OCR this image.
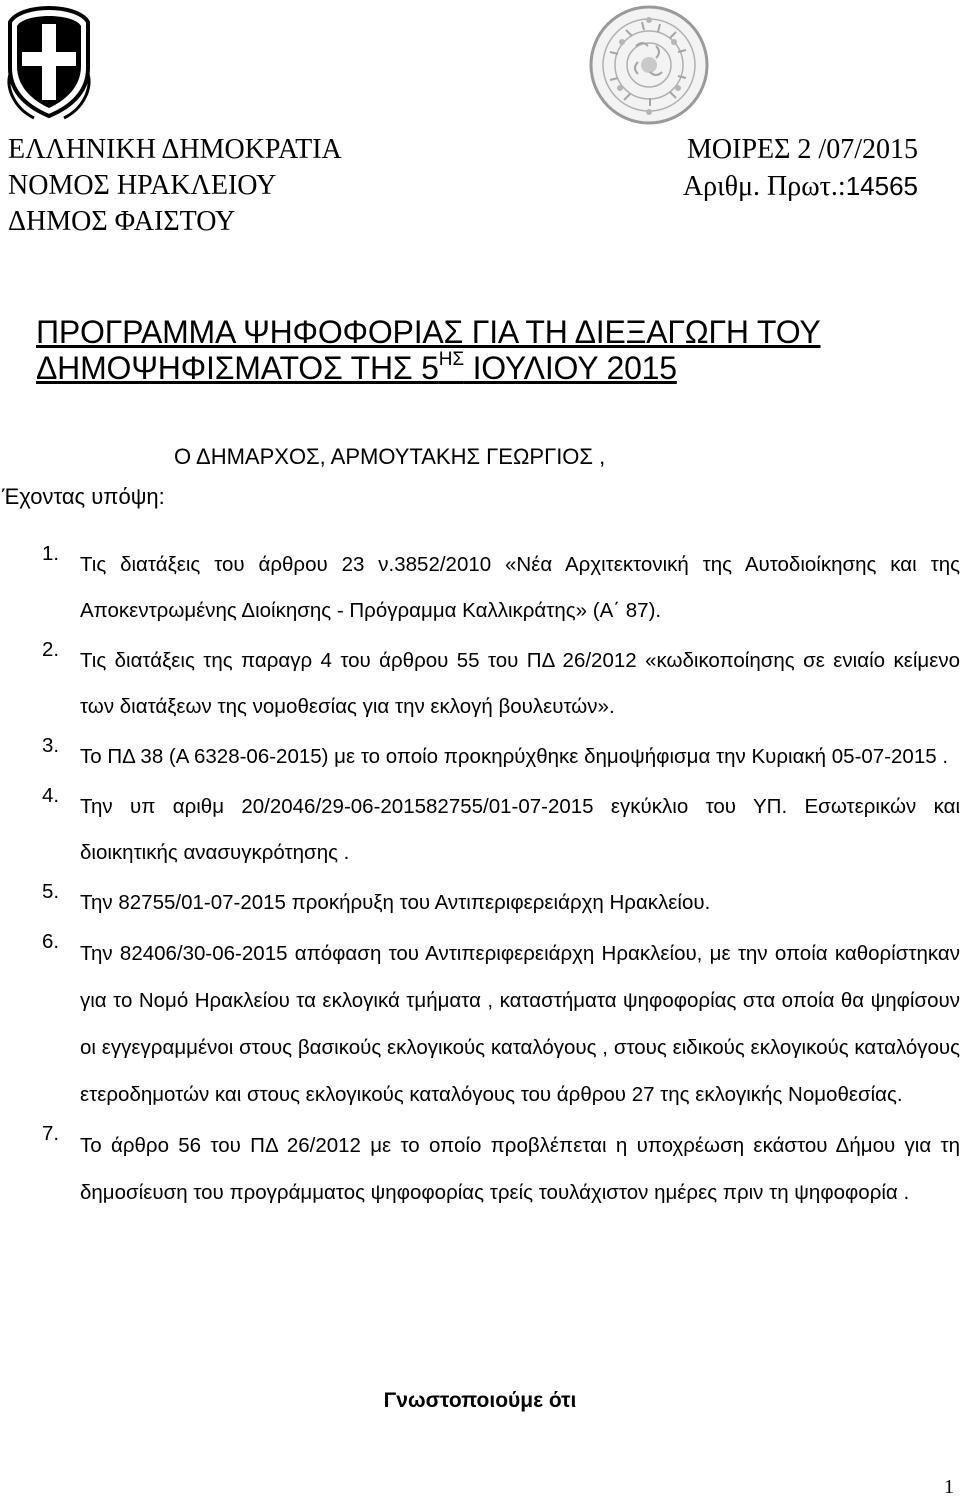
ΕΛΛΗΝΙΚΗ ΔΗΜΟΚΡΑΤΙΑ
ΝΟΜΟΣ ΗΡΑΚΛΕΙΟΥ
ΔΗΜΟΣ ΦΑΙΣΤΟΥ
ΜΟΙΡΕΣ 2 /07/2015
Αριθμ. Πρωτ.:14565
ΠΡΟΓΡΑΜΜΑ ΨΗΦΟΦΟΡΙΑΣ ΓΙΑ ΤΗ ΔΙΕΞΑΓΩΓΗ ΤΟΥ
ΔΗΜΟΨΗΦΙΣΜΑΤΟΣ ΤΗΣ $5^{H\Sigma}$ ΙΟΥΛΙΟΥ 2015
Ο ΔΗΜΑΡΧΟΣ, ΑΡΜΟΥΤΑΚΗΣ ΓΕΩΡΓΙΟΣ ,
Έχοντας υπόψη:
1. Τις διατάξεις του άρθρου 23 ν.3852/2010 «Νέα Αρχιτεκτονική της Αυτοδιοίκησης και της Αποκεντρωμένης Διοίκησης - Πρόγραμμα Καλλικράτης» (Α΄ 87).
2. Τις διατάξεις της παραγρ 4 του άρθρου 55 του ΠΔ 26/2012 «κωδικοποίησης σε ενιαίο κείμενο των διατάξεων της νομοθεσίας για την εκλογή βουλευτών».
3. Το ΠΔ 38 (Α 6328-06-2015) με το οποίο προκηρύχθηκε δημοψήφισμα την Κυριακή 05-07-2015 .
4. Την υπ αριθμ 20/2046/29-06-201582755/01-07-2015 εγκύκλιο του ΥΠ. Εσωτερικών και διοικητικής ανασυγκρότησης .
5. Την 82755/01-07-2015 προκήρυξη του Αντιπεριφερειάρχη Ηρακλείου.
6.
Την 82406/30-06-2015 απόφαση του Αντιπεριφερειάρχη Ηρακλείου, με την οποία καθορίστηκαν για το Νομό Ηρακλείου τα εκλογικά τμήματα , καταστήματα ψηφοφορίας στα οποία θα ψηφίσουν οι εγγεγραμμένοι στους βασικούς εκλογικούς καταλόγους , στους ειδικούς εκλογικούς καταλόγους ετεροδημοτών και στους εκλογικούς καταλόγους του άρθρου 27 της εκλογικής Νομοθεσίας.
7.
Το άρθρο 56 του ΠΔ 26/2012 με το οποίο προβλέπεται η υποχρέωση εκάστου Δήμου για τη δημοσίευση του προγράμματος ψηφοφορίας τρείς τουλάχιστον ημέρες πριν τη ψηφοφορία .
Γνωστοποιούμε ότι
1
